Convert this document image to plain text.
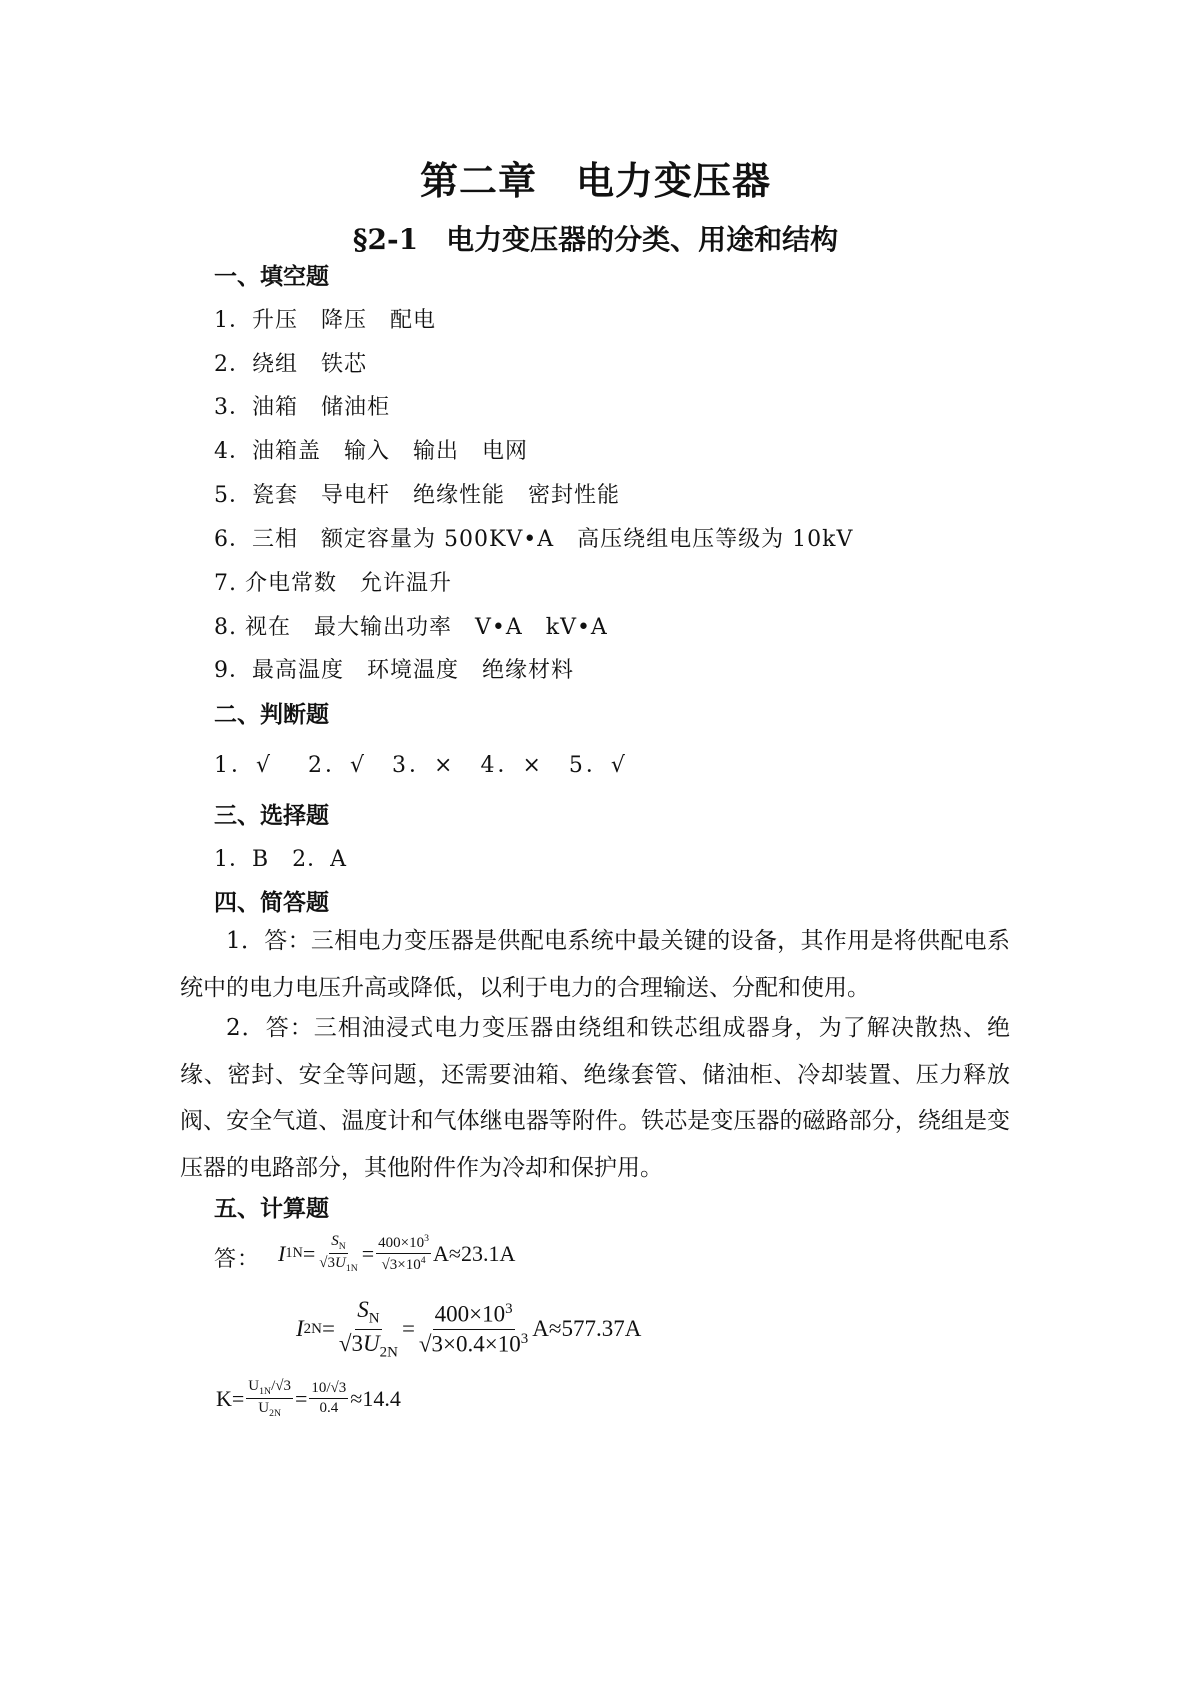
第二章　电力变压器
§2-1　电力变压器的分类、用途和结构
一、填空题
1．升压　降压　配电
2．绕组　铁芯
3．油箱　储油柜
4．油箱盖　输入　输出　电网
5．瓷套　导电杆　绝缘性能　密封性能
6．三相　额定容量为 500KV•A　高压绕组电压等级为 10kV
7. 介电常数　允许温升
8. 视在　最大输出功率　V•A　kV•A
9．最高温度　环境温度　绝缘材料
二、判断题
1．√　 2．√　3．×　4．×　5．√
三、选择题
1．B　2．A
四、简答题
1．答：三相电力变压器是供配电系统中最关键的设备，其作用是将供配电系统中的电力电压升高或降低，以利于电力的合理输送、分配和使用。
2．答：三相油浸式电力变压器由绕组和铁芯组成器身，为了解决散热、绝缘、密封、安全等问题，还需要油箱、绝缘套管、储油柜、冷却装置、压力释放阀、安全气道、温度计和气体继电器等附件。铁芯是变压器的磁路部分，绕组是变压器的电路部分，其他附件作为冷却和保护用。
五、计算题
答： I $1N = \frac{S_N}{√3U_{1N}} = \frac{400\times 10^3}{√3\times 10^4} A\approx 23.1A$
I $2N = \frac{S_N}{√3U_{2N}} = \frac{400\times 10^3}{√3\times 0.4\times 10^3} A\approx 577.37A$
$K= \frac{U_{1N}/√3}{U_{2N}} = \frac{10/√3}{0.4} \approx 14.4$
